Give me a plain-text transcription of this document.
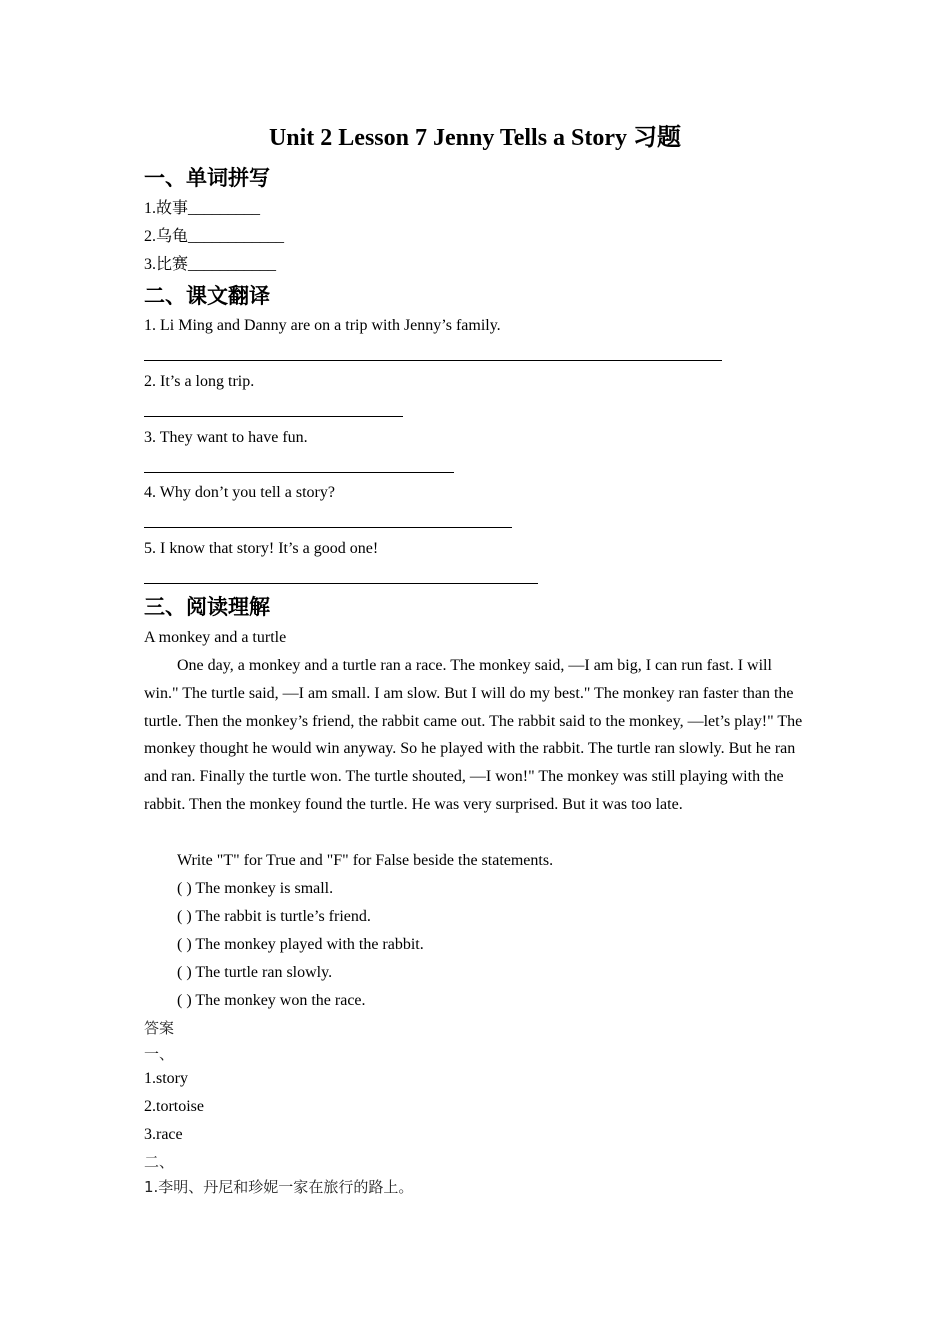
Unit 2 Lesson 7 Jenny Tells a Story 习题
一、单词拼写
1.故事_________
2.乌龟____________
3.比赛___________
二、课文翻译
1. Li Ming and Danny are on a trip with Jenny’s family.
2. It’s a long trip.
3. They want to have fun.
4. Why don’t you tell a story?
5. I know that story! It’s a good one!
三、阅读理解
A monkey and a turtle
One day, a monkey and a turtle ran a race. The monkey said, —I am big, I can run fast. I will win." The turtle said, —I am small. I am slow. But I will do my best." The monkey ran faster than the turtle. Then the monkey’s friend, the rabbit came out. The rabbit said to the monkey, —let’s play!" The monkey thought he would win anyway. So he played with the rabbit. The turtle ran slowly. But he ran and ran. Finally the turtle won. The turtle shouted, —I won!" The monkey was still playing with the rabbit. Then the monkey found the turtle. He was very surprised. But it was too late.
Write "T" for True and "F" for False beside the statements.
( ) The monkey is small.
( ) The rabbit is turtle’s friend.
( ) The monkey played with the rabbit.
( ) The turtle ran slowly.
( ) The monkey won the race.
答案
一、
1.story
2.tortoise
3.race
二、
1.李明、丹尼和珍妮一家在旅行的路上。
